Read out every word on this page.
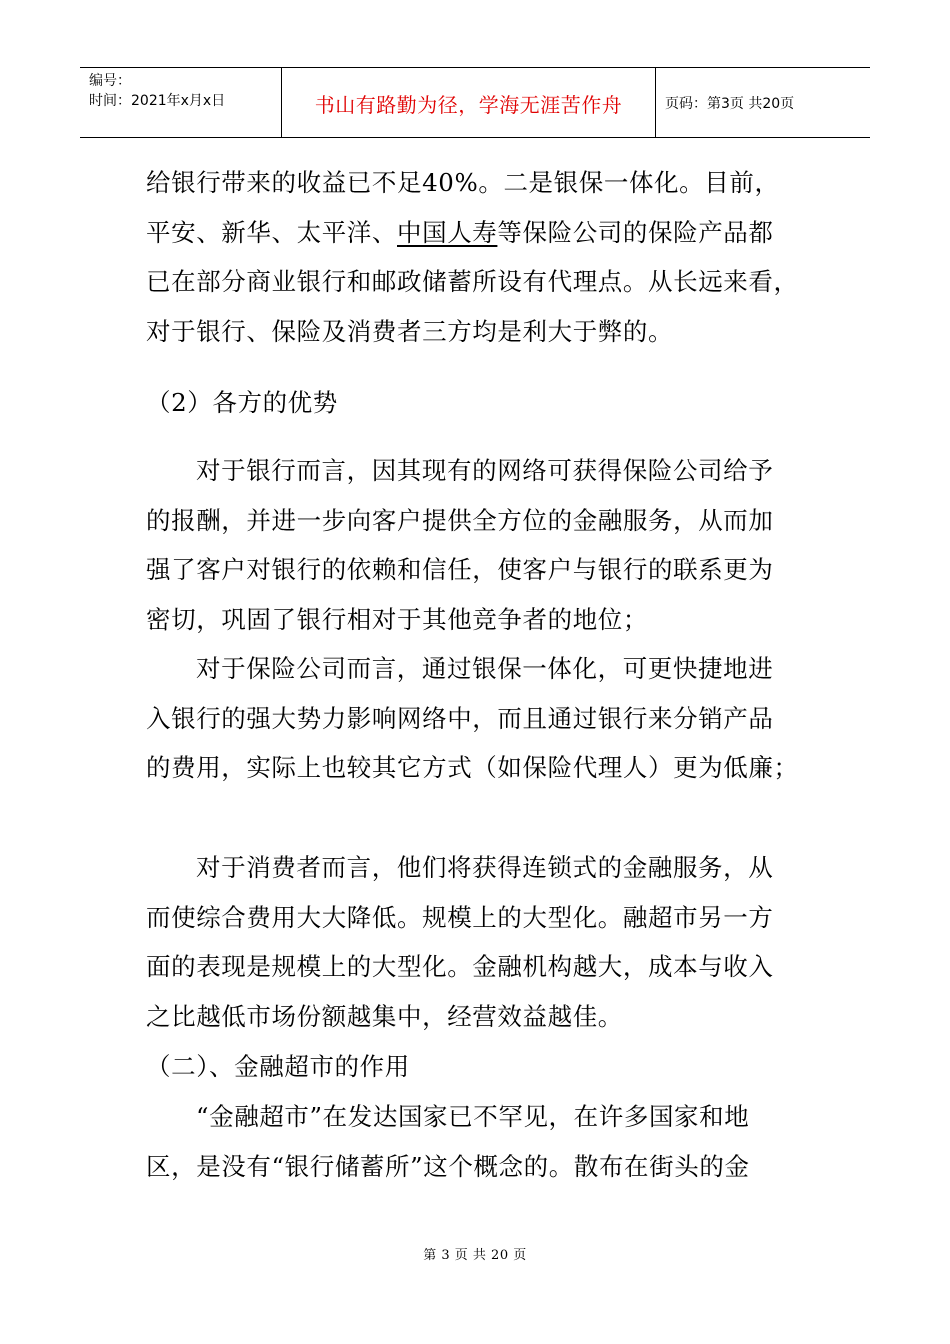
编号：
时间：2021年x月x日	书山有路勤为径，学海无涯苦作舟	页码：第3页 共20页
给银行带来的收益已不足40%。二是银保一体化。目前，
平安、新华、太平洋、中国人寿等保险公司的保险产品都
已在部分商业银行和邮政储蓄所设有代理点。从长远来看，
对于银行、保险及消费者三方均是利大于弊的。
（2）各方的优势
对于银行而言，因其现有的网络可获得保险公司给予
的报酬，并进一步向客户提供全方位的金融服务，从而加
强了客户对银行的依赖和信任，使客户与银行的联系更为
密切，巩固了银行相对于其他竞争者的地位；
对于保险公司而言，通过银保一体化，可更快捷地进
入银行的强大势力影响网络中，而且通过银行来分销产品
的费用，实际上也较其它方式（如保险代理人）更为低廉；
对于消费者而言，他们将获得连锁式的金融服务，从
而使综合费用大大降低。规模上的大型化。融超市另一方
面的表现是规模上的大型化。金融机构越大，成本与收入
之比越低市场份额越集中，经营效益越佳。
（二）、金融超市的作用
“金融超市”在发达国家已不罕见，在许多国家和地
区，是没有“银行储蓄所”这个概念的。散布在街头的金
第 3 页 共 20 页
